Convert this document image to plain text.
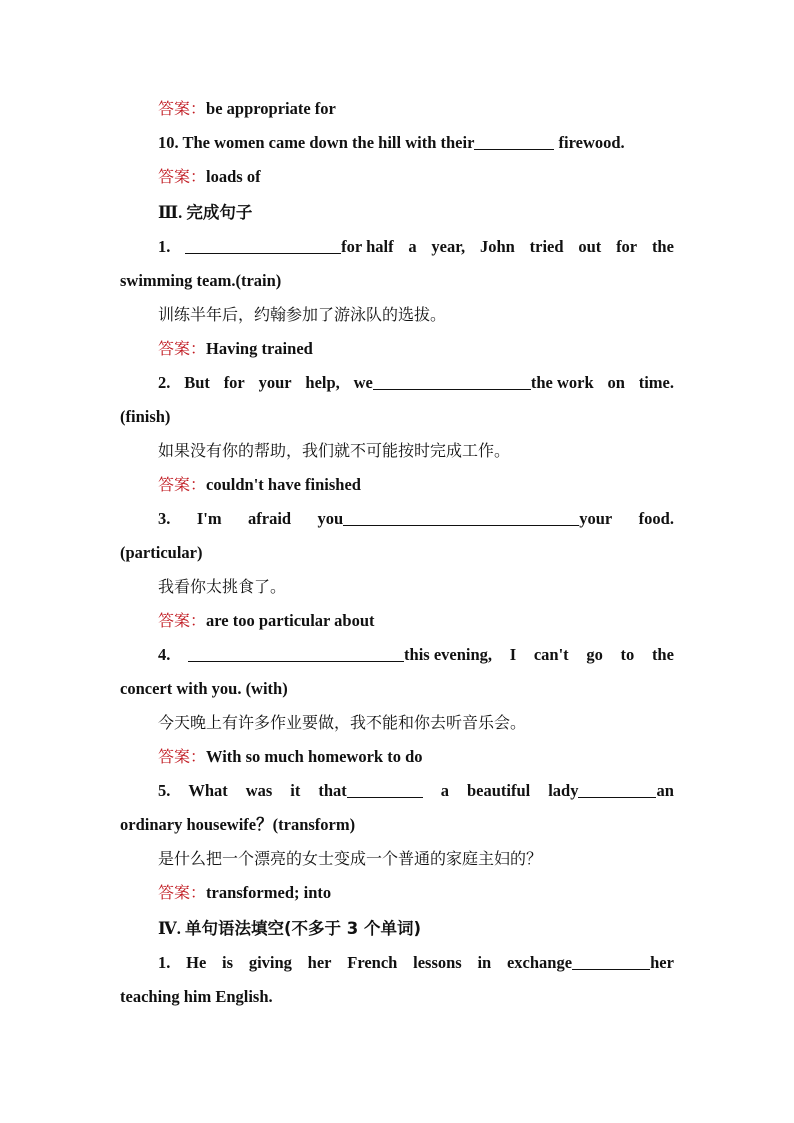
答案：be appropriate for
10. The women came down the hill with their	firewood.
答案：loads of
Ⅲ. 完成句子
1.	for half a year, John tried out for the
swimming team.(train)
训练半年后，约翰参加了游泳队的选拔。
答案：Having trained
2. But for your help, we	the work on time.
(finish)
如果没有你的帮助，我们就不可能按时完成工作。
答案：couldn't have finished
3. I'm afraid you	your food.
(particular)
我看你太挑食了。
答案：are too particular about
4.	this evening, I can't go to the
concert with you. (with)
今天晚上有许多作业要做，我不能和你去听音乐会。
答案：With so much homework to do
5. What was it that	a beautiful lady	an
ordinary housewife？(transform)
是什么把一个漂亮的女士变成一个普通的家庭主妇的？
答案：transformed; into
Ⅳ. 单句语法填空(不多于 3 个单词)
1. He is giving her French lessons in exchange	her
teaching him English.
